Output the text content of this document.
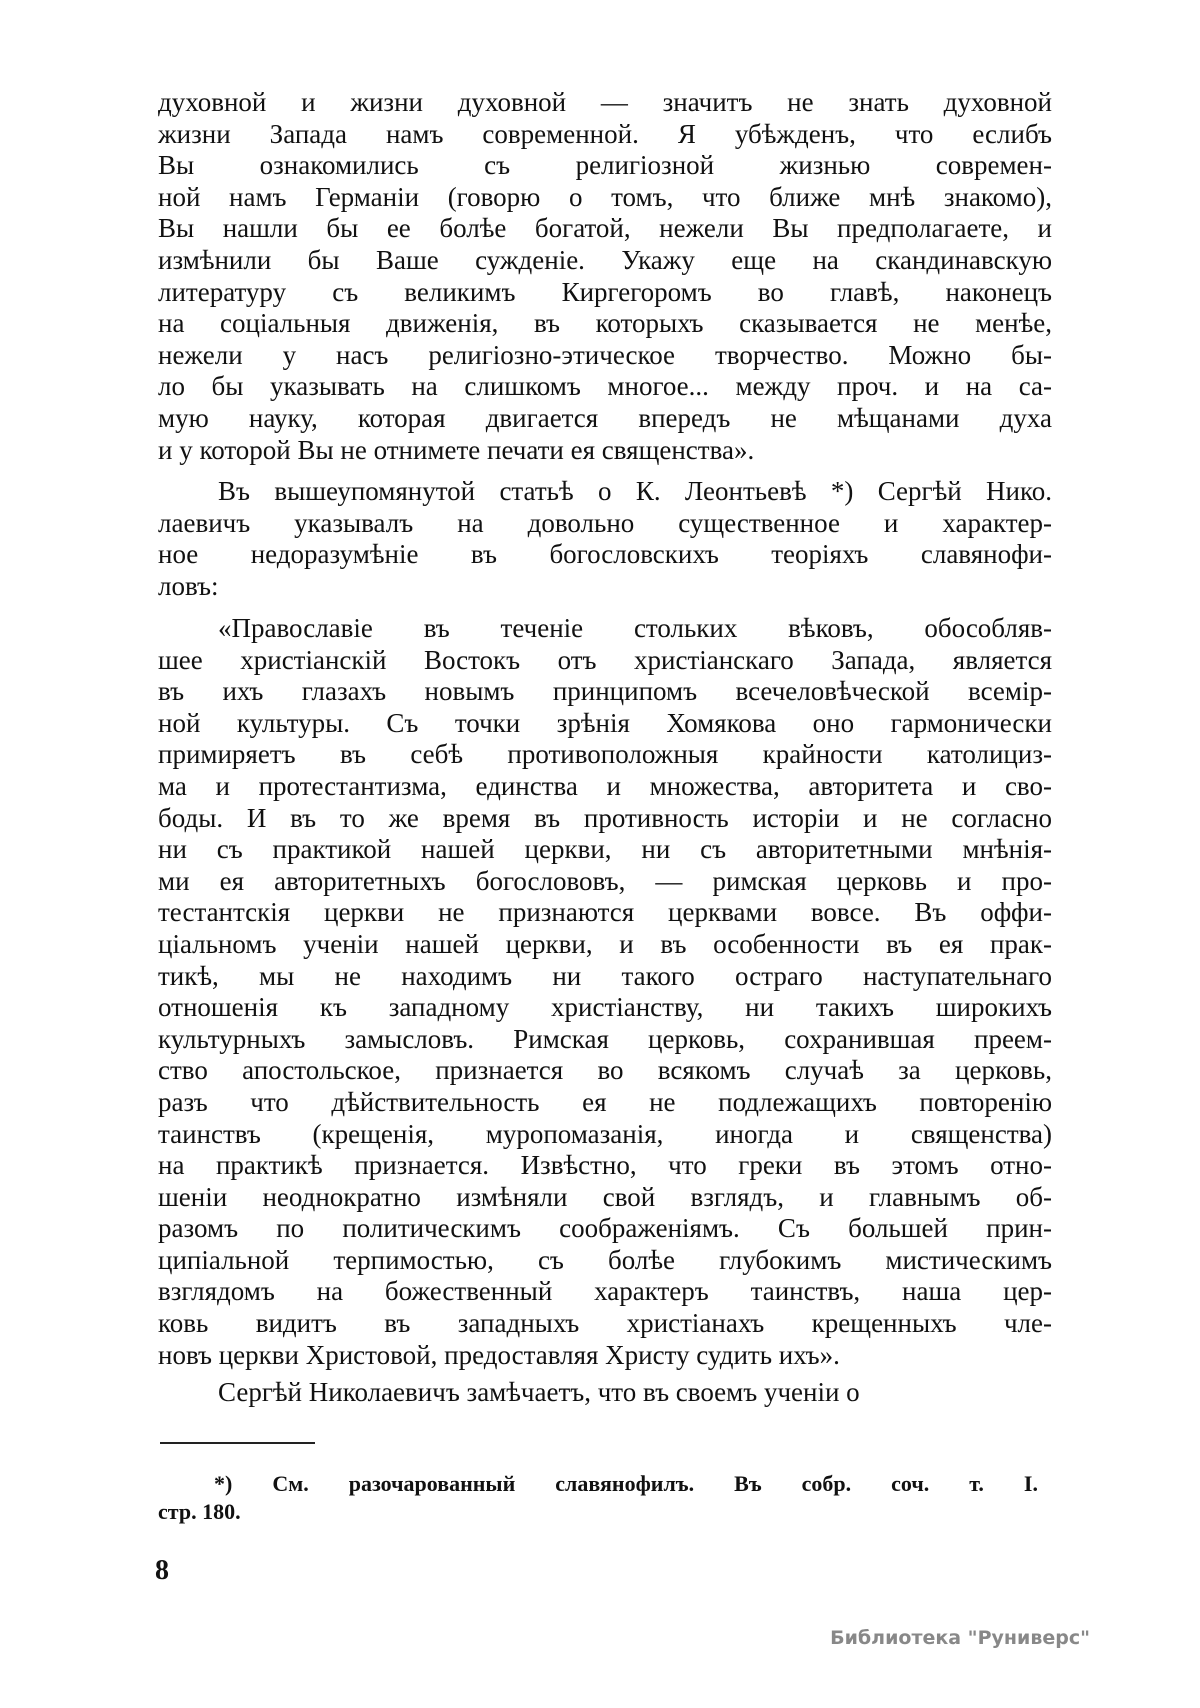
духовной и жизни духовной — значитъ не знать духовной
жизни Запада намъ современной. Я убѣжденъ, что еслибъ
Вы ознакомились съ религiозной жизнью современ-
ной намъ Германiи (говорю о томъ, что ближе мнѣ знакомо),
Вы нашли бы ее болѣе богатой, нежели Вы предполагаете, и
измѣнили бы Ваше сужденiе. Укажу еще на скандинавскую
литературу съ великимъ Киргегоромъ во главѣ, наконецъ
на соцiальныя движенiя, въ которыхъ сказывается не менѣе,
нежели у насъ религiозно-этическое творчество. Можно бы-
ло бы указывать на слишкомъ многое... между проч. и на са-
мую науку, которая двигается впередъ не мѣщанами духа
и у которой Вы не отнимете печати ея священства».
Въ вышеупомянутой статьѣ о К. Леонтьевѣ *) Сергѣй Нико.
лаевичъ указывалъ на довольно существенное и характер-
ное недоразумѣнiе въ богословскихъ теорiяхъ славянофи-
ловъ:
«Православiе въ теченiе стольких вѣковъ, обособляв-
шее христiанскiй Востокъ отъ христiанскаго Запада, является
въ ихъ глазахъ новымъ принципомъ всечеловѣческой всемiр-
ной культуры. Съ точки зрѣнiя Хомякова оно гармонически
примиряетъ въ себѣ противоположныя крайности католициз-
ма и протестантизма, единства и множества, авторитета и сво-
боды. И въ то же время въ противность исторiи и не согласно
ни съ практикой нашей церкви, ни съ авторитетными мнѣнiя-
ми ея авторитетныхъ богослововъ, — римская церковь и про-
тестантскiя церкви не признаются церквами вовсе. Въ оффи-
цiальномъ ученiи нашей церкви, и въ особенности въ ея прак-
тикѣ, мы не находимъ ни такого остраго наступательнаго
отношенiя къ западному христiанству, ни такихъ широкихъ
культурныхъ замысловъ. Римская церковь, сохранившая преем-
ство апостольское, признается во всякомъ случаѣ за церковь,
разъ что дѣйствительность ея не подлежащихъ повторенiю
таинствъ (крещенiя, муропомазанiя, иногда и священства)
на практикѣ признается. Извѣстно, что греки въ этомъ отно-
шенiи неоднократно измѣняли свой взглядъ, и главнымъ об-
разомъ по политическимъ соображенiямъ. Съ большей прин-
ципiальной терпимостью, съ болѣе глубокимъ мистическимъ
взглядомъ на божественный характеръ таинствъ, наша цер-
ковь видитъ въ западныхъ христiанахъ крещенныхъ чле-
новъ церкви Христовой, предоставляя Христу судить ихъ».
Сергѣй Николаевичъ замѣчаетъ, что въ своемъ ученiи о
*) См. разочарованный славянофилъ. Въ собр. соч. т. I.
стр. 180.
8
Библиотека "Руниверс"
